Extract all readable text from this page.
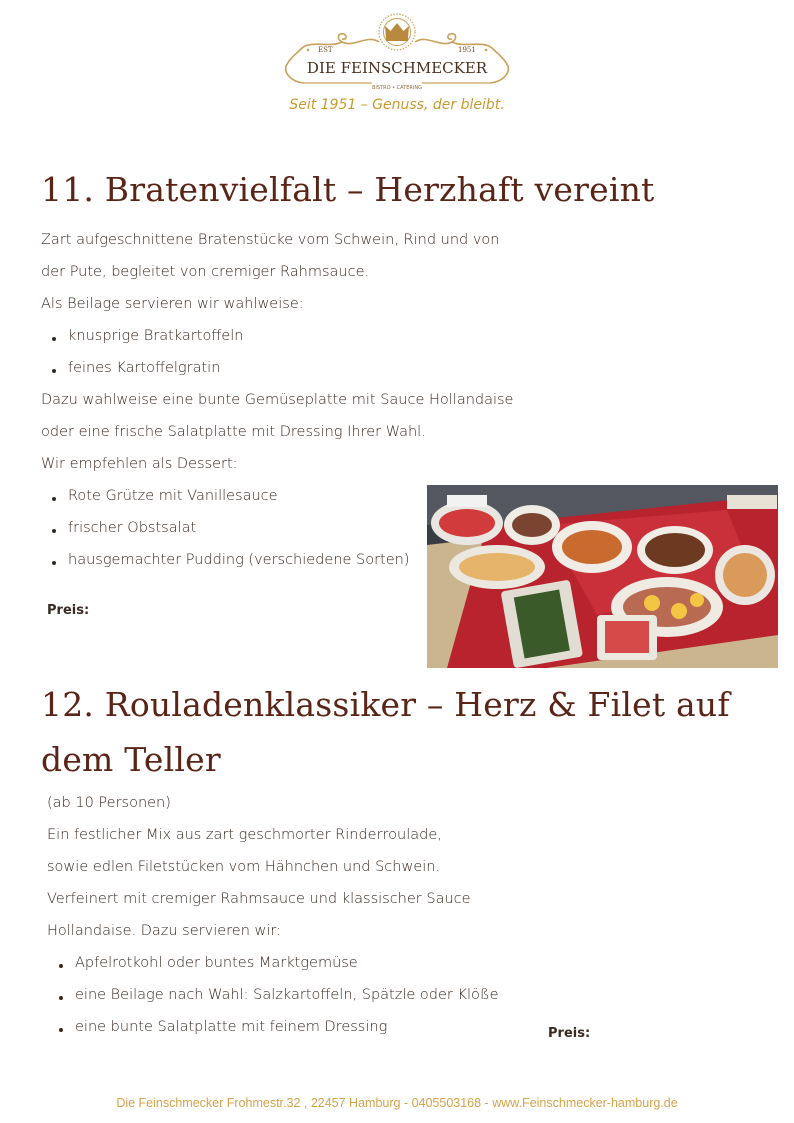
EST	1951
DIE FEINSCHMECKER
BISTRO • CATERING
Seit 1951 – Genuss, der bleibt.
11. Bratenvielfalt – Herzhaft vereint
Zart aufgeschnittene Bratenstücke vom Schwein, Rind und von
der Pute, begleitet von cremiger Rahmsauce.
Als Beilage servieren wir wahlweise:
knusprige Bratkartoffeln
feines Kartoffelgratin
Dazu wahlweise eine bunte Gemüseplatte mit Sauce Hollandaise
oder eine frische Salatplatte mit Dressing Ihrer Wahl.
Wir empfehlen als Dessert:
Rote Grütze mit Vanillesauce
frischer Obstsalat
hausgemachter Pudding (verschiedene Sorten)
Preis:
12. Rouladenklassiker – Herz & Filet auf
dem Teller
(ab 10 Personen)
Ein festlicher Mix aus zart geschmorter Rinderroulade,
sowie edlen Filetstücken vom Hähnchen und Schwein.
Verfeinert mit cremiger Rahmsauce und klassischer Sauce
Hollandaise. Dazu servieren wir:
Apfelrotkohl oder buntes Marktgemüse
eine Beilage nach Wahl: Salzkartoffeln, Spätzle oder Klöße
eine bunte Salatplatte mit feinem Dressing	Preis:
Die Feinschmecker Frohmestr.32 , 22457 Hamburg - 0405503168 - www.Feinschmecker-hamburg.de
